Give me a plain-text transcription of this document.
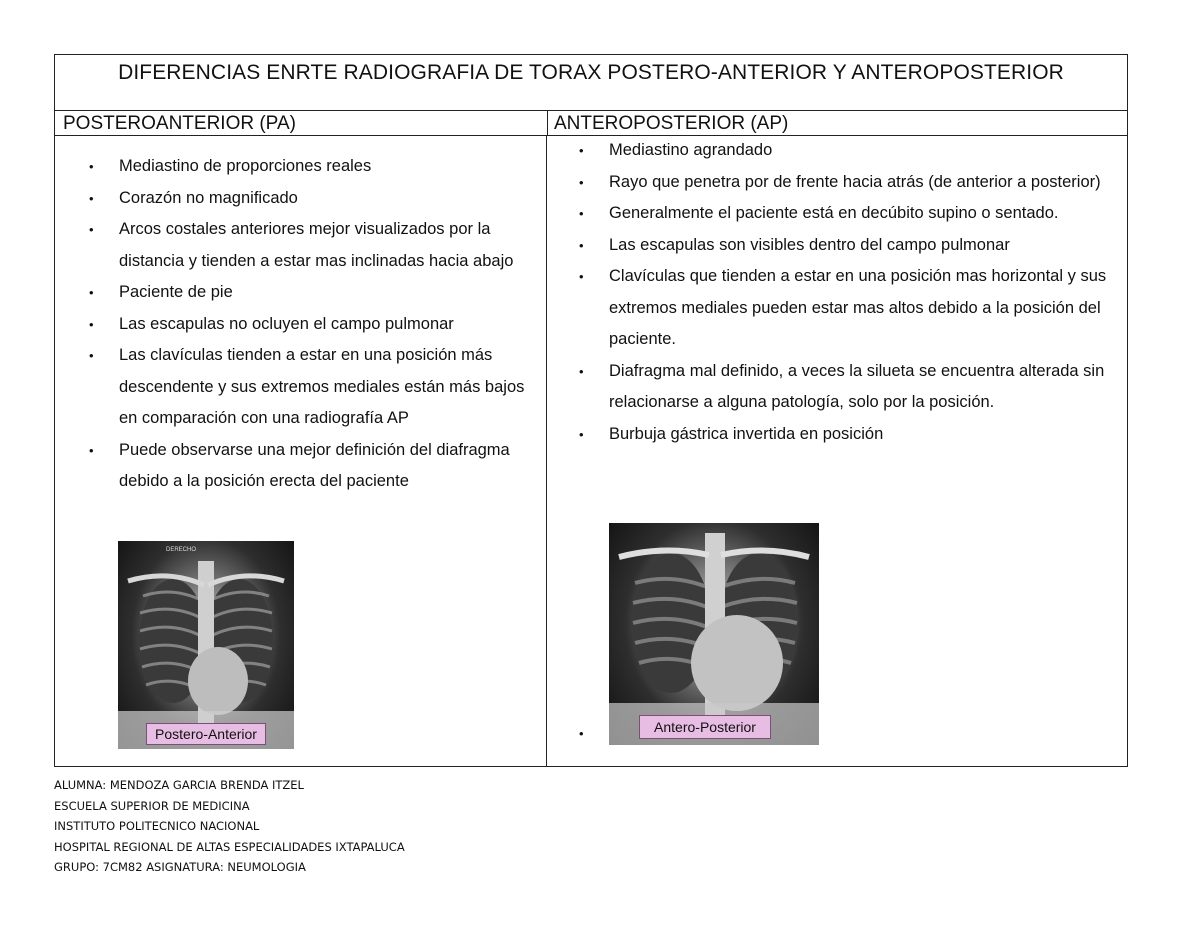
DIFERENCIAS ENRTE RADIOGRAFIA DE TORAX POSTERO-ANTERIOR Y ANTEROPOSTERIOR
POSTEROANTERIOR (PA)	ANTEROPOSTERIOR (AP)
• Mediastino de proporciones reales
• Corazón no magnificado
• Arcos costales anteriores mejor visualizados por la distancia y tienden a estar mas inclinadas hacia abajo
• Paciente de pie
• Las escapulas no ocluyen el campo pulmonar
• Las clavículas tienden a estar en una posición más descendente y sus extremos mediales están más bajos en comparación con una radiografía AP
• Puede observarse una mejor definición del diafragma debido a la posición erecta del paciente
• Mediastino agrandado
• Rayo que penetra por de frente hacia atrás (de anterior a posterior)
• Generalmente el paciente está en decúbito supino o sentado.
• Las escapulas son visibles dentro del campo pulmonar
• Clavículas que tienden a estar en una posición mas horizontal y sus extremos mediales pueden estar mas altos debido a la posición del paciente.
• Diafragma mal definido, a veces la silueta se encuentra alterada sin relacionarse a alguna patología, solo por la posición.
• Burbuja gástrica invertida en posición
•
DERECHO
Postero-Anterior	Antero-Posterior
ALUMNA: MENDOZA GARCIA BRENDA ITZEL
ESCUELA SUPERIOR DE MEDICINA
INSTITUTO POLITECNICO NACIONAL
HOSPITAL REGIONAL DE ALTAS ESPECIALIDADES IXTAPALUCA
GRUPO: 7CM82 ASIGNATURA: NEUMOLOGIA
